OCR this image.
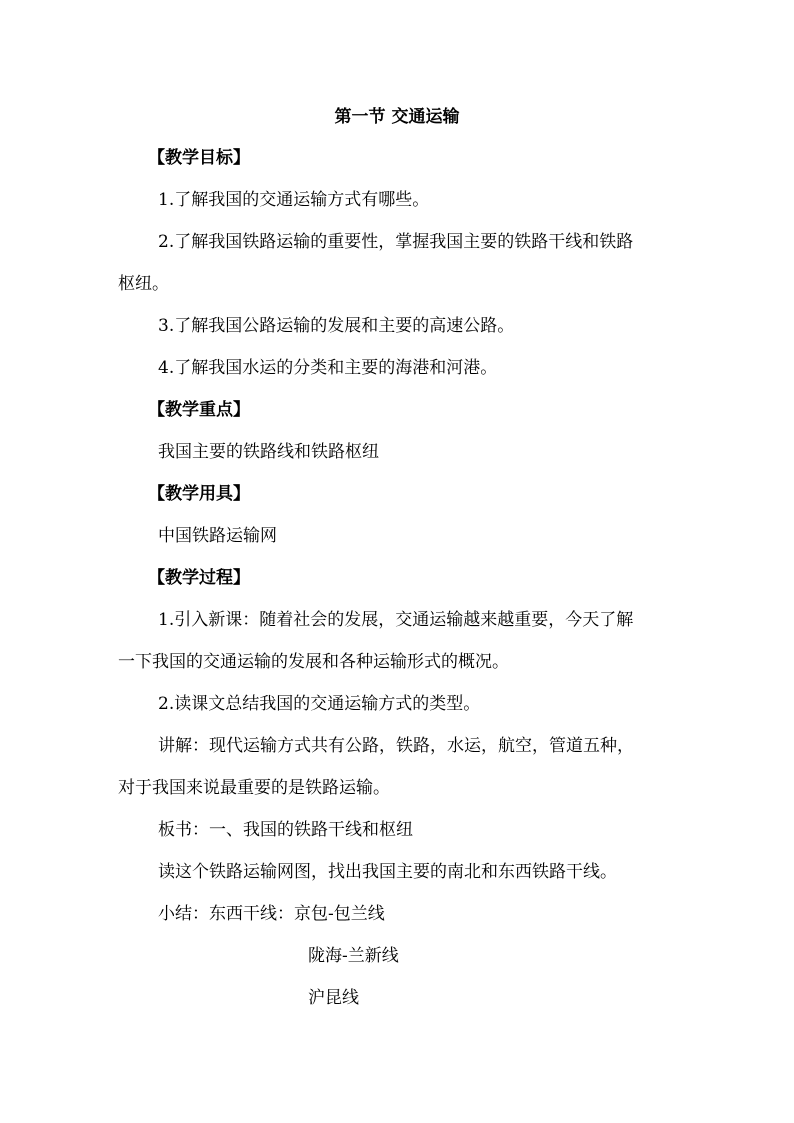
第一节 交通运输
【教学目标】
1.了解我国的交通运输方式有哪些。
2.了解我国铁路运输的重要性，掌握我国主要的铁路干线和铁路
枢纽。
3.了解我国公路运输的发展和主要的高速公路。
4.了解我国水运的分类和主要的海港和河港。
【教学重点】
我国主要的铁路线和铁路枢纽
【教学用具】
中国铁路运输网
【教学过程】
1.引入新课：随着社会的发展，交通运输越来越重要，今天了解
一下我国的交通运输的发展和各种运输形式的概况。
2.读课文总结我国的交通运输方式的类型。
讲解：现代运输方式共有公路，铁路，水运，航空，管道五种，
对于我国来说最重要的是铁路运输。
板书：一、我国的铁路干线和枢纽
读这个铁路运输网图，找出我国主要的南北和东西铁路干线。
小结：东西干线：京包-包兰线
陇海-兰新线
沪昆线
